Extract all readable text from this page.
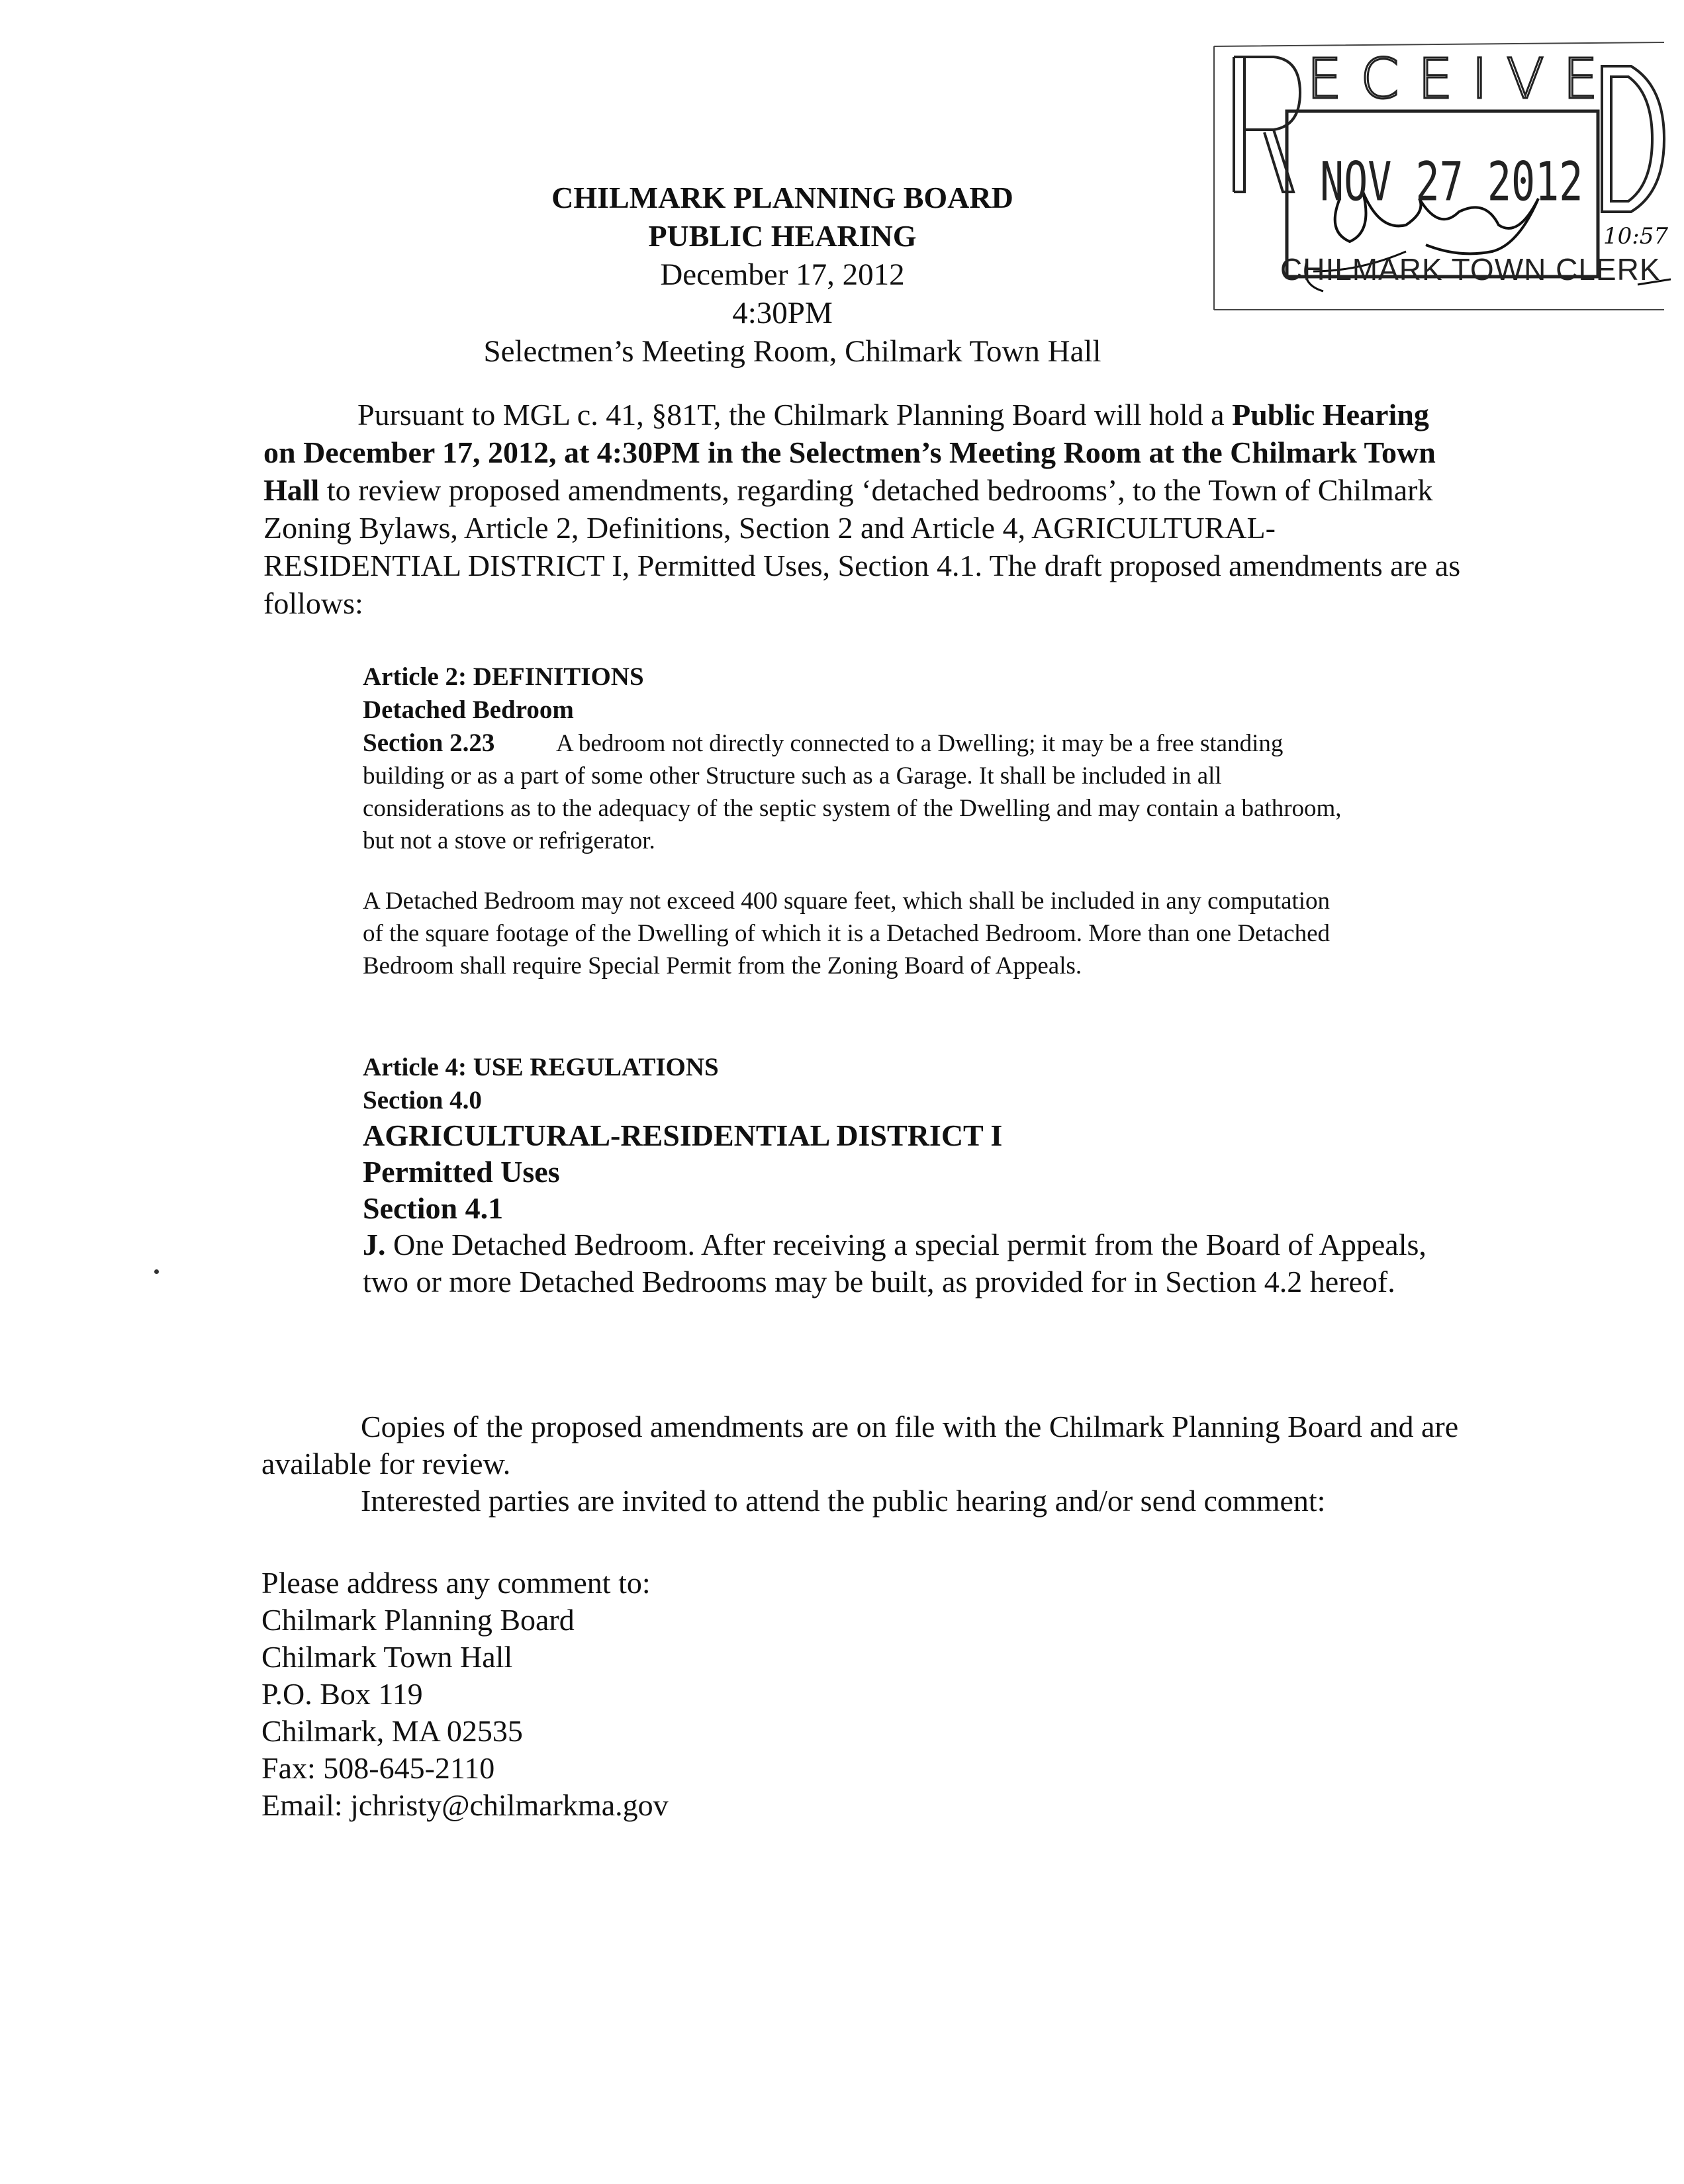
10:57
E C E I V E
NOV 27 2012
CHILMARK TOWN CLERK
CHILMARK PLANNING BOARD
PUBLIC HEARING
December 17, 2012
4:30PM
Selectmen’s Meeting Room, Chilmark Town Hall
Pursuant to MGL c. 41, §81T, the Chilmark Planning Board will hold a Public Hearing on December 17, 2012, at 4:30PM in the Selectmen’s Meeting Room at the Chilmark Town Hall to review proposed amendments, regarding ‘detached bedrooms’, to the Town of Chilmark Zoning Bylaws, Article 2, Definitions, Section 2 and Article 4, AGRICULTURAL-RESIDENTIAL DISTRICT I, Permitted Uses, Section 4.1. The draft proposed amendments are as follows:
Article 2: DEFINITIONS
Detached Bedroom
Section 2.23	A bedroom not directly connected to a Dwelling; it may be a free standing building or as a part of some other Structure such as a Garage. It shall be included in all considerations as to the adequacy of the septic system of the Dwelling and may contain a bathroom, but not a stove or refrigerator.
A Detached Bedroom may not exceed 400 square feet, which shall be included in any computation of the square footage of the Dwelling of which it is a Detached Bedroom. More than one Detached Bedroom shall require Special Permit from the Zoning Board of Appeals.
Article 4: USE REGULATIONS
Section 4.0
AGRICULTURAL-RESIDENTIAL DISTRICT I
Permitted Uses
Section 4.1
J. One Detached Bedroom. After receiving a special permit from the Board of Appeals, two or more Detached Bedrooms may be built, as provided for in Section 4.2 hereof.
Copies of the proposed amendments are on file with the Chilmark Planning Board and are available for review.
Interested parties are invited to attend the public hearing and/or send comment:
Please address any comment to:
Chilmark Planning Board
Chilmark Town Hall
P.O. Box 119
Chilmark, MA 02535
Fax: 508-645-2110
Email: jchristy@chilmarkma.gov
